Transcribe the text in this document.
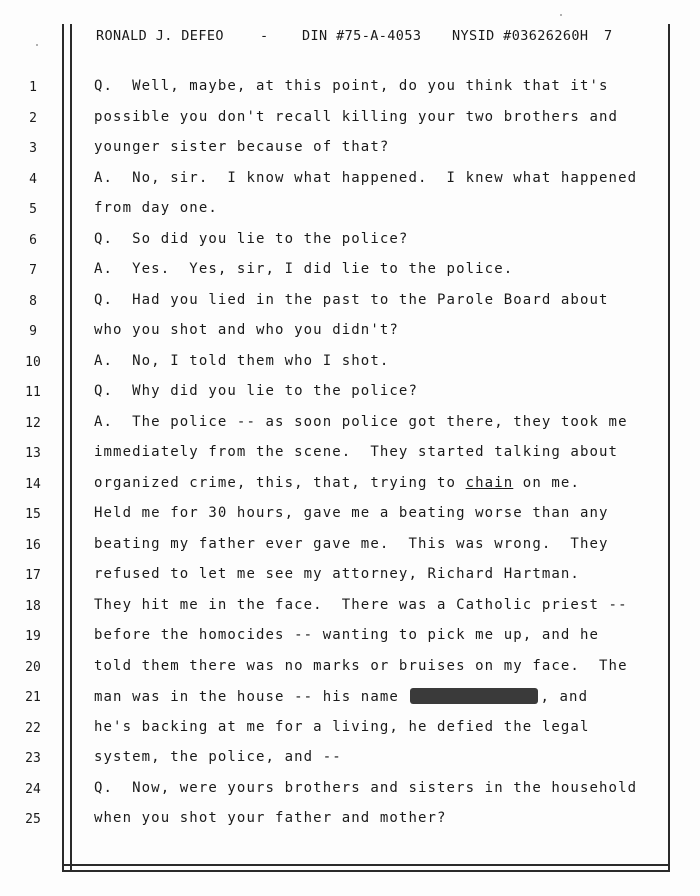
RONALD J. DEFEO

	-

DIN #75-A-4053

NYSID #03626260H

7

1	Q.  Well, maybe, at this point, do you think that it's
2	possible you don't recall killing your two brothers and
3	younger sister because of that?
4	A.  No, sir.  I know what happened.  I knew what happened
5	from day one.
6	Q.  So did you lie to the police?
7	A.  Yes.  Yes, sir, I did lie to the police.
8	Q.  Had you lied in the past to the Parole Board about
9	who you shot and who you didn't?
10	A.  No, I told them who I shot.
11	Q.  Why did you lie to the police?
12	A.  The police -- as soon police got there, they took me
13	immediately from the scene.  They started talking about
14	organized crime, this, that, trying to chain on me.
15	Held me for 30 hours, gave me a beating worse than any
16	beating my father ever gave me.  This was wrong.  They
17	refused to let me see my attorney, Richard Hartman.
18	They hit me in the face.  There was a Catholic priest --
19	before the homocides -- wanting to pick me up, and he
20	told them there was no marks or bruises on my face.  The
21	man was in the house -- his name	, and
22	he's backing at me for a living, he defied the legal
23	system, the police, and --
24	Q.  Now, were yours brothers and sisters in the household
25	when you shot your father and mother?
